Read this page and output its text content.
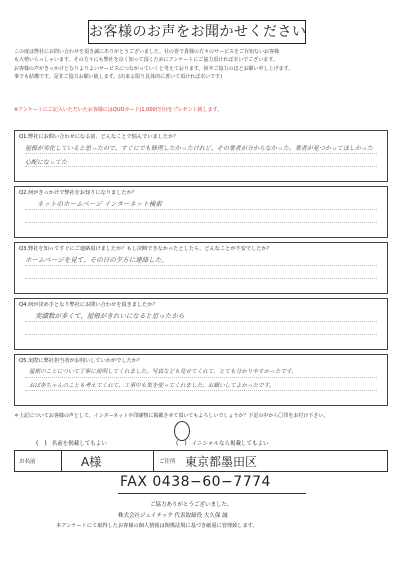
お客様のお声をお聞かせください
この度は弊社にお問い合わせを頂き誠にありがとうございました。社の皆で貴様の方々のサービスをご存知ないお客様
も大勢いらっしゃいます。その方々にも弊社を良く知って頂くためにアンケートにご協力頂ければ幸いでございます。
お客様の声がきっかけとなりよりよいサービスにつながっていくと考えております。何卒ご協力のほどお願い申し上げます。
事でも結構です。是非ご協力お願い致します。(出来る限り具体的に書いて頂ければ幸いです)
※アンケートにご記入いただいたお客様にはQUOカード(1,000円分)をプレゼント致します。
Q1.弊社にお問い合わせになる前、どんなことで悩んでいましたか？
屋根が劣化していると思ったので、すぐにでも修理したかったけれど、その業者が分からなかった。業者が見つかってほしかった
心配になってた
Q2.何がきっかけで弊社をお知りになりましたか？
ネットのホームページ インターネット検索
Q3.弊社を知ってすぐにご連絡頂けましたか？もし決断できなかったとしたら、どんなことが不安でしたか？
ホームページを見て、その日の夕方に連絡した。
Q4.何が決め手となり弊社にお問い合わせを頂きましたか？
実績数が多くて、屋根がきれいになると思ったから
Q5.実際に弊社担当者がお伺いしていかがでしたか？
屋根のことについて丁寧に説明してくれました。写真なども見せてくれて、とても分かりやすかったです。
おばあちゃんのことも考えてくれて、工事中も気を使ってくれました。お願いしてよかったです。
＊上記についてお客様の声として、インターネットや印刷物に掲載させて頂いてもよろしいでしょうか？下記の中から〇印をお付け下さい。
(　) 名前を掲載してもよい	(　) イニシャルなら掲載してもよい
お名前	A様	ご住所 東京都墨田区
FAX 0438−60−7774
ご協力ありがとうございました。
株式会社ジェイテック 代表取締役 大久保 誠
本アンケートにて取得したお客様の個人情報は関係法規に基づき厳重に管理致します。
